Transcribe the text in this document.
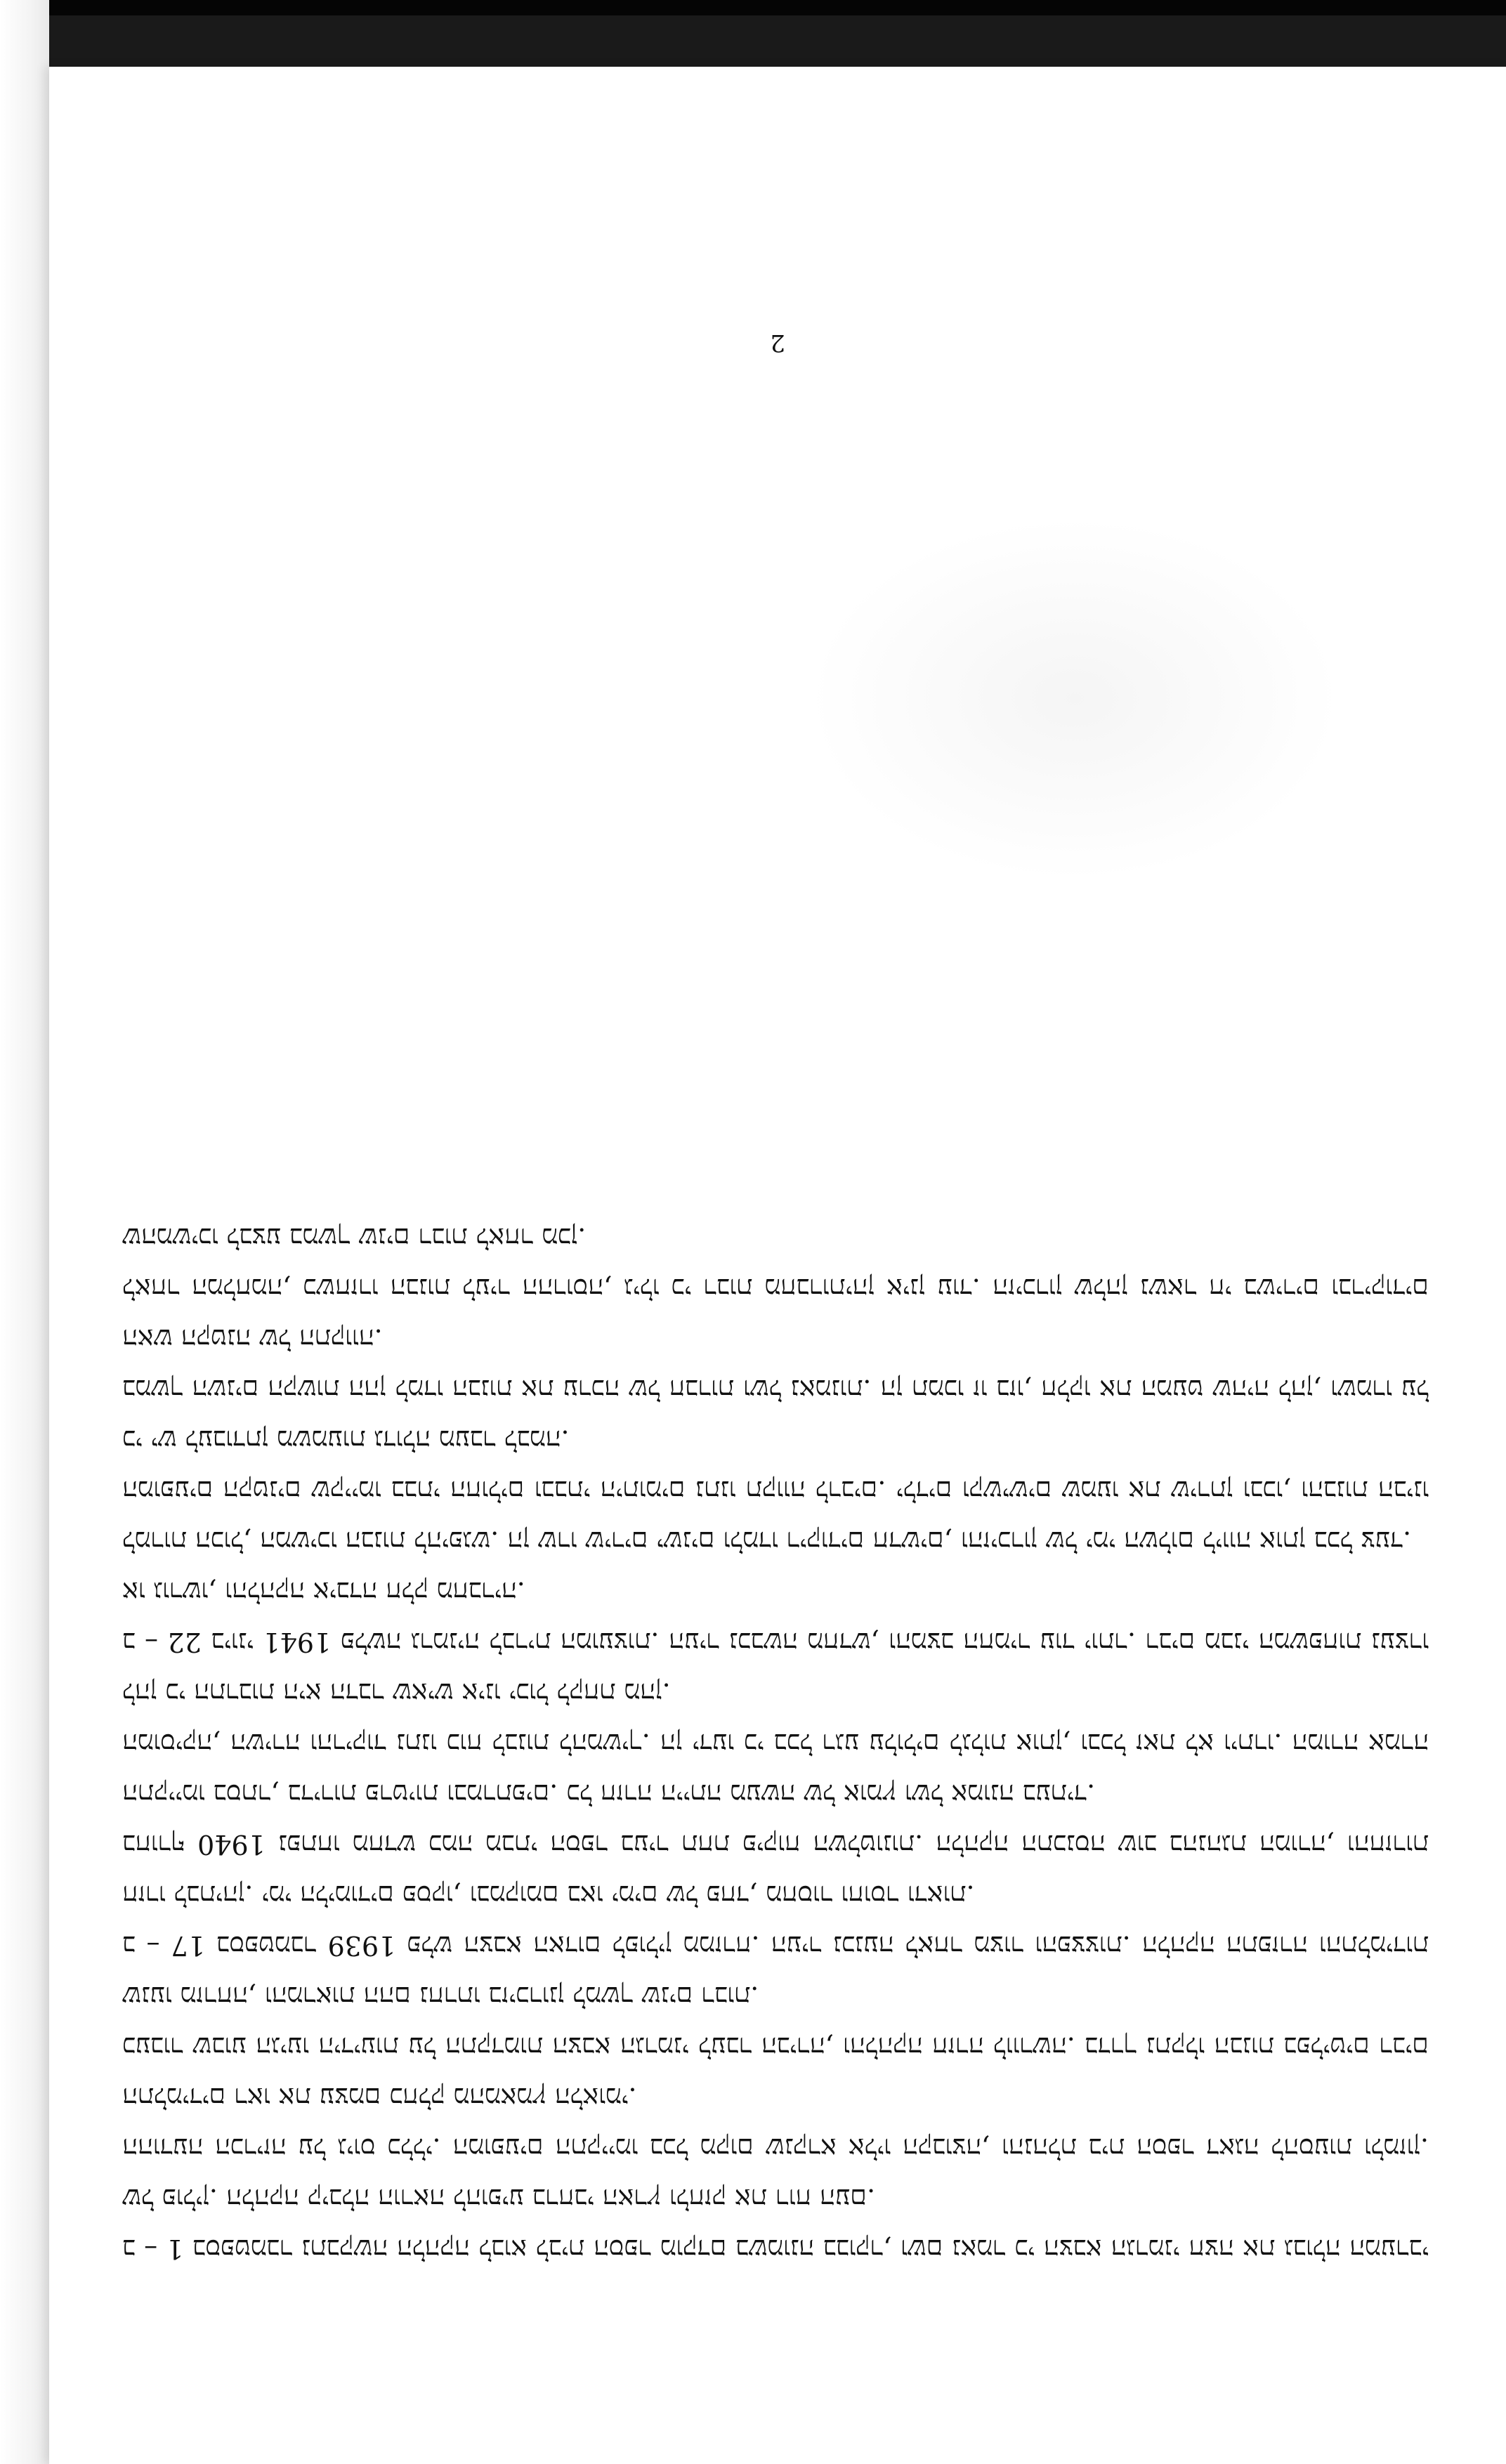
2

ב – 1 בספטמבר נתבקשה הלהקה לבוא לבית הספר מוקדם בשמונה בבוקר, ושם נאמר כי הצבא הגרמני חצה את גבולה המערבי של פולין. הלהקה קיבלה הוראה להופיע ברחבי הארץ ולחזק את רוח העם.

ההודעה הכריזה על גיוס כללי. המופעים התקיימו בכל מקום שנקרא אליו הקבוצה, והנהלת בית הספר דאגה להסעות ולמזון. התלמידים ראו את עצמם כחלק מהמאמץ הלאומי.

כעבור שבוע הגיעו הידיעות על התקדמות הצבא הגרמני לעבר הבירה, והלהקה חזרה לוורשה. בדרך נתקלו הבנות בפליטים רבים שנעו מזרחה, והמראות ההם נחרתו בזיכרונן למשך שנים רבות.

ב – 17 בספטמבר 1939 פלש הצבא האדום לפולין ממזרח. העיר נכנעה לאחר מצור והפצצות. הלהקה התפזרה והתלמידות חזרו לבתיהן. ימי הלימודים פסקו, ובמקומם באו ימים של פחד, מחסור וחוסר ודאות.

בחורף 1940 נפתחו מחדש כמה מבתי הספר בעיר תחת פיקוח השלטונות. הלהקה התכנסה שוב בהנהגת המורה, והחזרות התקיימו בסתר, בדירות פרטיות ובמרתפים. כל חזרה הייתה מעשה של אומץ ושל אמונה בעתיד.

המוסיקה, השירה והריקוד נתנו כוח לבנות להמשיך. הן ידעו כי בכל רגע עלולים לגלות אותן, ובכל זאת לא ויתרו. המורה אמרה להן כי התרבות היא הדבר שאיש אינו יכול לקחת מהן.

ב – 22 ביוני 1941 פלשה גרמניה לברית המועצות. העיר נכבשה מחדש, והמצב החמיר עוד יותר. רבים מבני המשפחות נעצרו או גורשו, והלהקה איבדה חלק מחבריה.

למרות הכול, המשיכו הבנות להיפגש. הן שרו שירים ישנים ולמדו ריקודים חדשים, והזיכרון של ימי השלום ליווה אותן בכל צעד.

המופעים הקטנים שקיימו בבתי החולים ובבתי היתומים נתנו תקווה לרבים. ילדים וקשישים שמעו את שירתן ובכו, והבנות הבינו כי יש לעבודתן משמעות גדולה מעבר לבמה.

במשך השנים הקשות ההן למדו הבנות את ערכה של חברות ושל נאמנות. הן תמכו זו בזו, חלקו את המעט שהיה להן, ושמרו על האש הקטנה של התקווה.

לאחר המלחמה, כשחזרו הבנות לעיר ההרוסה, גילו כי רבות מחברותיהן אינן עוד. הזיכרון שלהן נשאר חי בשירים ובריקודים שהמשיכו לבצע במשך שנים רבות לאחר מכן.
